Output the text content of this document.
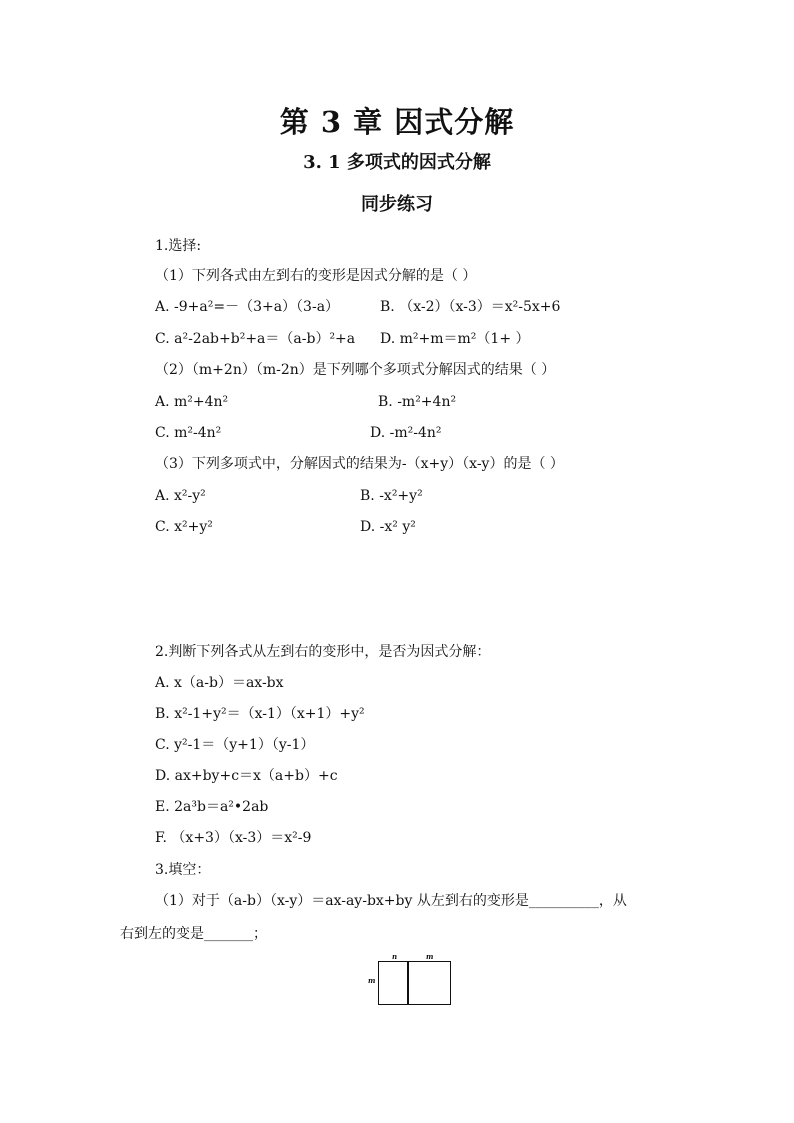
第 3 章 因式分解
3. 1 多项式的因式分解
同步练习
1.选择:
（1）下列各式由左到右的变形是因式分解的是（ ）
A. -9+a²=－（3+a）（3-a）	B. （x-2）（x-3）＝x²-5x+6
C. a²-2ab+b²+a＝（a-b）²+a D. m²+m＝m²（1+ ）
（2）（m+2n）（m-2n）是下列哪个多项式分解因式的结果（ ）
A. m²+4n²	B. -m²+4n²
C. m²-4n²	D. -m²-4n²
（3）下列多项式中，分解因式的结果为-（x+y）（x-y）的是（ ）
A. x²-y²	B. -x²+y²
C. x²+y²	D. -x² y²
2.判断下列各式从左到右的变形中，是否为因式分解：
A. x（a-b）＝ax-bx
B. x²-1+y²＝（x-1）（x+1）+y²
C. y²-1＝（y+1）（y-1）
D. ax+by+c＝x（a+b）+c
E. 2a³b＝a²•2ab
F. （x+3）（x-3）＝x²-9
3.填空：
（1）对于（a-b）（x-y）＝ax-ay-bx+by 从左到右的变形是__________，从
右到左的变是_______；
n	m
m
